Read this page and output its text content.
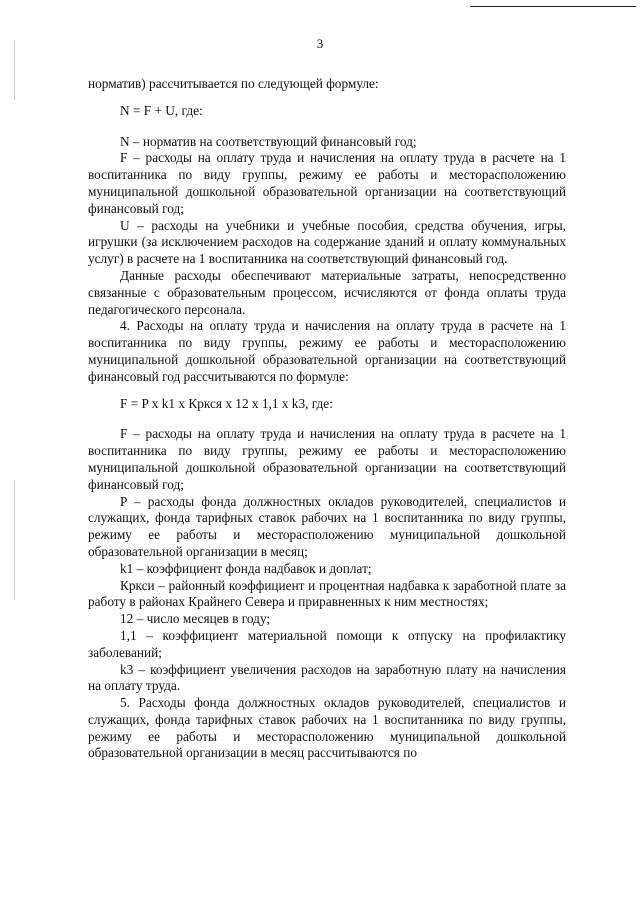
3

норматив) рассчитывается по следующей формуле:

N = F + U, где:

N – норматив на соответствующий финансовый год;

F – расходы на оплату труда и начисления на оплату труда в расчете на 1 воспитанника по виду группы, режиму ее работы и месторасположению муниципальной дошкольной образовательной организации на соответствующий финансовый год;

U – расходы на учебники и учебные пособия, средства обучения, игры, игрушки (за исключением расходов на содержание зданий и оплату коммунальных услуг) в расчете на 1 воспитанника на соответствующий финансовый год.

Данные расходы обеспечивают материальные затраты, непосредственно связанные с образовательным процессом, исчисляются от фонда оплаты труда педагогического персонала.

4. Расходы на оплату труда и начисления на оплату труда в расчете на 1 воспитанника по виду группы, режиму ее работы и месторасположению муниципальной дошкольной образовательной организации на соответствующий финансовый год рассчитываются по формуле:

F = P x k1 x Кркся x 12 x 1,1 x k3, где:

F – расходы на оплату труда и начисления на оплату труда в расчете на 1 воспитанника по виду группы, режиму ее работы и месторасположению муниципальной дошкольной образовательной организации на соответствующий финансовый год;

P – расходы фонда должностных окладов руководителей, специалистов и служащих, фонда тарифных ставок рабочих на 1 воспитанника по виду группы, режиму ее работы и месторасположению муниципальной дошкольной образовательной организации в месяц;

k1 – коэффициент фонда надбавок и доплат;

Кркси – районный коэффициент и процентная надбавка к заработной плате за работу в районах Крайнего Севера и приравненных к ним местностях;

12 – число месяцев в году;

1,1 – коэффициент материальной помощи к отпуску на профилактику заболеваний;

k3 – коэффициент увеличения расходов на заработную плату на начисления на оплату труда.

5. Расходы фонда должностных окладов руководителей, специалистов и служащих, фонда тарифных ставок рабочих на 1 воспитанника по виду группы, режиму ее работы и месторасположению муниципальной дошкольной образовательной организации в месяц рассчитываются по
